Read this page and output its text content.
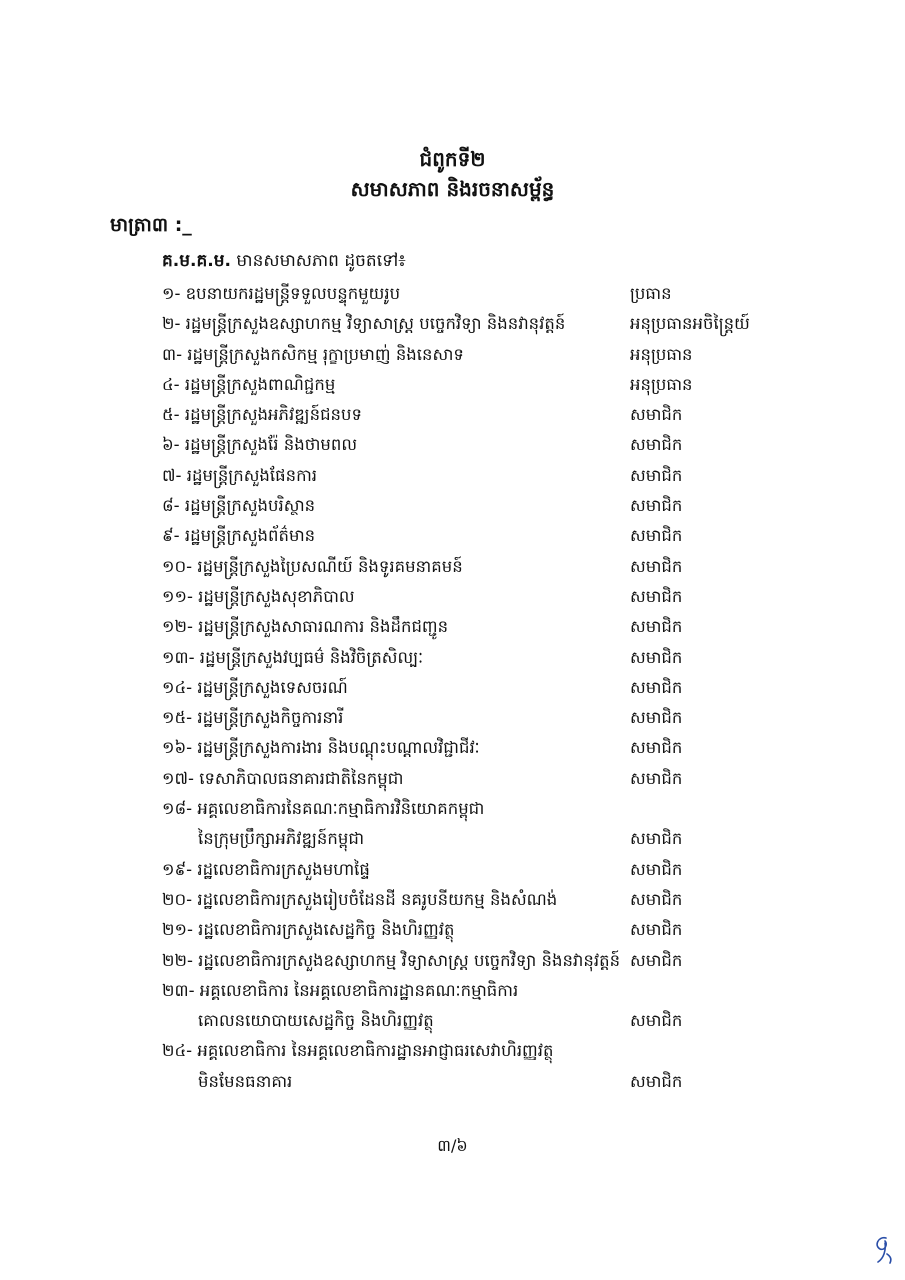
ជំពូកទី២
សមាសភាព និងរចនាសម្ព័ន្ធ
មាត្រា៣ :_
គ.ម.គ.ម. មានសមាសភាព ដូចតទៅ៖
១- ឧបនាយករដ្ឋមន្ត្រីទទួលបន្ទុកមួយរូប	ប្រធាន
២- រដ្ឋមន្ត្រីក្រសួងឧស្សាហកម្ម វិទ្យាសាស្ត្រ បច្ចេកវិទ្យា និងនវានុវត្តន៍	អនុប្រធានអចិន្ត្រៃយ៍
៣- រដ្ឋមន្ត្រីក្រសួងកសិកម្ម រុក្ខាប្រមាញ់ និងនេសាទ	អនុប្រធាន
៤- រដ្ឋមន្ត្រីក្រសួងពាណិជ្ជកម្ម	អនុប្រធាន
៥- រដ្ឋមន្ត្រីក្រសួងអភិវឌ្ឍន៍ជនបទ	សមាជិក
៦- រដ្ឋមន្ត្រីក្រសួងរ៉ែ និងថាមពល	សមាជិក
៧- រដ្ឋមន្ត្រីក្រសួងផែនការ	សមាជិក
៨- រដ្ឋមន្ត្រីក្រសួងបរិស្ថាន	សមាជិក
៩- រដ្ឋមន្ត្រីក្រសួងព័ត៌មាន	សមាជិក
១០- រដ្ឋមន្ត្រីក្រសួងប្រៃសណីយ៍ និងទូរគមនាគមន៍	សមាជិក
១១- រដ្ឋមន្ត្រីក្រសួងសុខាភិបាល	សមាជិក
១២- រដ្ឋមន្ត្រីក្រសួងសាធារណការ និងដឹកជញ្ជូន	សមាជិក
១៣- រដ្ឋមន្ត្រីក្រសួងវប្បធម៌ និងវិចិត្រសិល្បៈ	សមាជិក
១៤- រដ្ឋមន្ត្រីក្រសួងទេសចរណ៍	សមាជិក
១៥- រដ្ឋមន្ត្រីក្រសួងកិច្ចការនារី	សមាជិក
១៦- រដ្ឋមន្ត្រីក្រសួងការងារ និងបណ្តុះបណ្តាលវិជ្ជាជីវៈ	សមាជិក
១៧- ទេសាភិបាលធនាគារជាតិនៃកម្ពុជា	សមាជិក
១៨- អគ្គលេខាធិការនៃគណៈកម្មាធិការវិនិយោគកម្ពុជា
នៃក្រុមប្រឹក្សាអភិវឌ្ឍន៍កម្ពុជា	សមាជិក
១៩- រដ្ឋលេខាធិការក្រសួងមហាផ្ទៃ	សមាជិក
២០- រដ្ឋលេខាធិការក្រសួងរៀបចំដែនដី នគរូបនីយកម្ម និងសំណង់	សមាជិក
២១- រដ្ឋលេខាធិការក្រសួងសេដ្ឋកិច្ច និងហិរញ្ញវត្ថុ	សមាជិក
២២- រដ្ឋលេខាធិការក្រសួងឧស្សាហកម្ម វិទ្យាសាស្ត្រ បច្ចេកវិទ្យា និងនវានុវត្តន៍ សមាជិក
២៣- អគ្គលេខាធិការ នៃអគ្គលេខាធិការដ្ឋានគណៈកម្មាធិការ
គោលនយោបាយសេដ្ឋកិច្ច និងហិរញ្ញវត្ថុ	សមាជិក
២៤- អគ្គលេខាធិការ នៃអគ្គលេខាធិការដ្ឋានអាជ្ញាធរសេវាហិរញ្ញវត្ថុ
មិនមែនធនាគារ	សមាជិក
៣/៦
